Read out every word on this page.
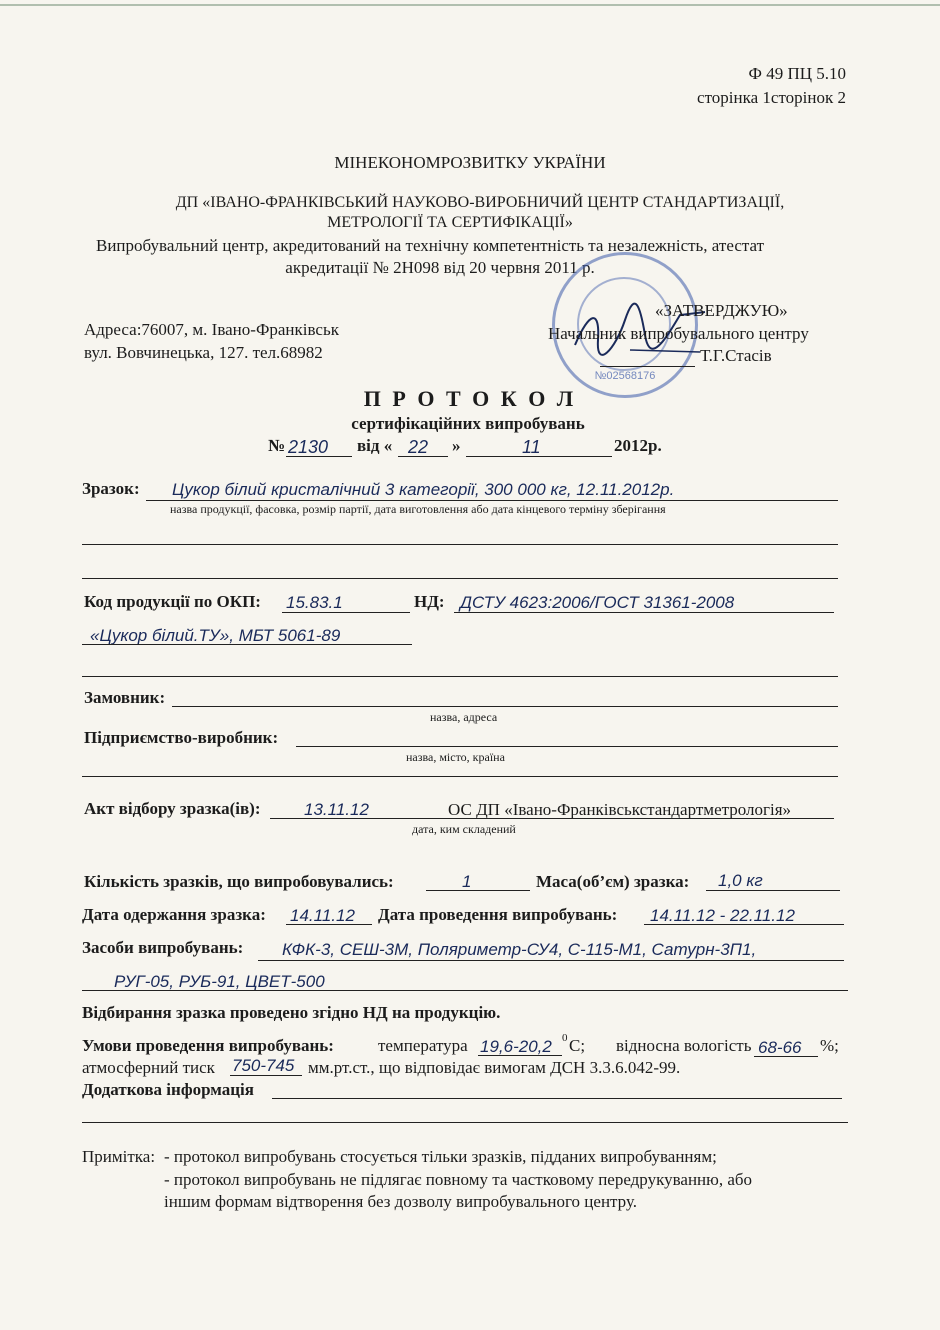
Ф 49 ПЦ 5.10
сторінка 1сторінок 2
МІНЕКОНОМРОЗВИТКУ УКРАЇНИ
ДП «ІВАНО-ФРАНКІВСЬКИЙ НАУКОВО-ВИРОБНИЧИЙ ЦЕНТР СТАНДАРТИЗАЦІЇ,
МЕТРОЛОГІЇ ТА СЕРТИФІКАЦІЇ»
Випробувальний центр, акредитований на технічну компетентність та незалежність, атестат
акредитації № 2Н098 від 20 червня 2011 р.
Адреса:76007, м. Івано-Франківськ
вул. Вовчинецька, 127. тел.68982
№02568176
«ЗАТВЕРДЖУЮ»
Начальник випробувального центру
Т.Г.Стасів
П Р О Т О К О Л
сертифікаційних випробувань
№ 2130 від « 22 »	11	2012р.
Зразок: Цукор білий кристалічний 3 категорії, 300 000 кг, 12.11.2012р.
назва продукції, фасовка, розмір партії, дата виготовлення або дата кінцевого терміну зберігання
Код продукції по ОКП: 15.83.1	НД: ДСТУ 4623:2006/ГОСТ 31361-2008
«Цукор білий.ТУ», МБТ 5061-89
Замовник:
назва, адреса
Підприємство-виробник:
назва, місто, країна
Акт відбору зразка(ів):	13.11.12	ОС ДП «Івано-Франківськстандартметрологія»
дата, ким складений
Кількість зразків, що випробовувались:	1	Маса(об’єм) зразка: 1,0 кг
Дата одержання зразка: 14.11.12 Дата проведення випробувань: 14.11.12 - 22.11.12
Засоби випробувань: КФК-3, СЕШ-3М, Поляриметр-СУ4, С-115-М1, Сатурн-3П1,
РУГ-05, РУБ-91, ЦВЕТ-500
Відбирання зразка проведено згідно НД на продукцію.
Умови проведення випробувань:	температура 19,6-20,2 0 С; відносна вологість 68-66 %;
атмосферний тиск 750-745 мм.рт.ст., що відповідає вимогам ДСН 3.3.6.042-99.
Додаткова інформація
Примітка: - протокол випробувань стосується тільки зразків, підданих випробуванням;
- протокол випробувань не підлягає повному та частковому передрукуванню, або
іншим формам відтворення без дозволу випробувального центру.
